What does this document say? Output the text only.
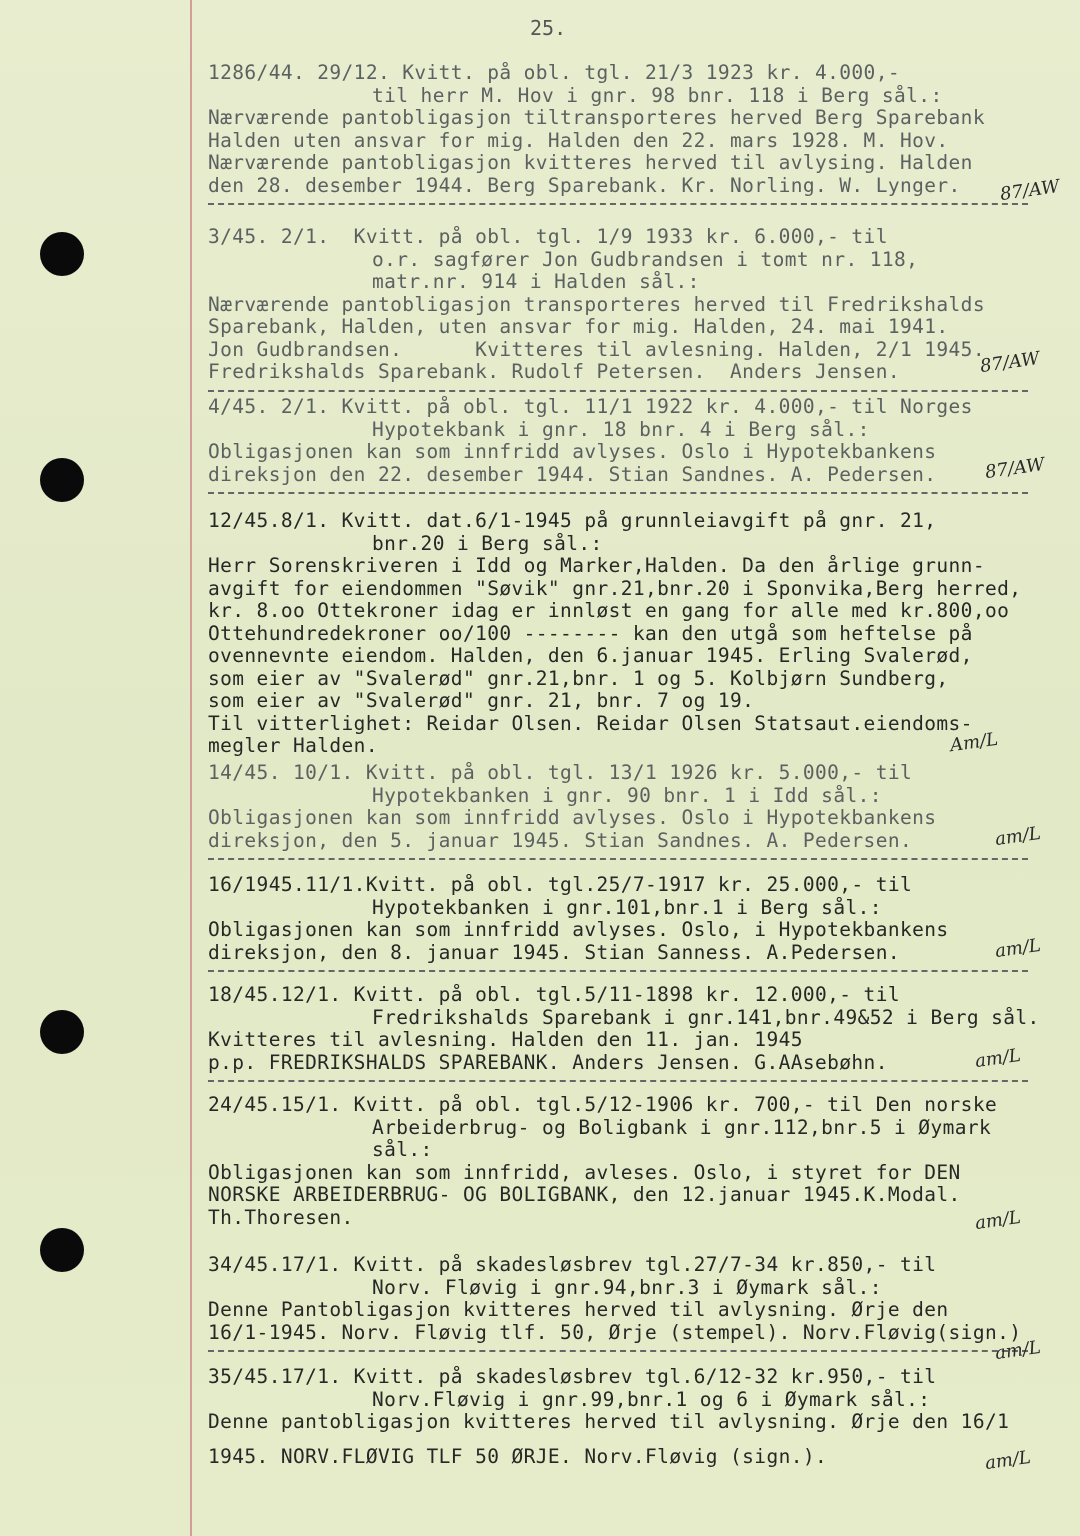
25.
1286/44. 29/12. Kvitt. på obl. tgl. 21/3 1923 kr. 4.000,-
til herr M. Hov i gnr. 98 bnr. 118 i Berg sål.:
Nærværende pantobligasjon tiltransporteres herved Berg Sparebank
Halden uten ansvar for mig. Halden den 22. mars 1928. M. Hov.
Nærværende pantobligasjon kvitteres herved til avlysing. Halden
den 28. desember 1944. Berg Sparebank. Kr. Norling. W. Lynger.	87/AW
3/45. 2/1.  Kvitt. på obl. tgl. 1/9 1933 kr. 6.000,- til
o.r. sagfører Jon Gudbrandsen i tomt nr. 118,
matr.nr. 914 i Halden sål.:
Nærværende pantobligasjon transporteres herved til Fredrikshalds
Sparebank, Halden, uten ansvar for mig. Halden, 24. mai 1941.
Jon Gudbrandsen.      Kvitteres til avlesning. Halden, 2/1 1945.
Fredrikshalds Sparebank. Rudolf Petersen.  Anders Jensen.	87/AW
4/45. 2/1. Kvitt. på obl. tgl. 11/1 1922 kr. 4.000,- til Norges
Hypotekbank i gnr. 18 bnr. 4 i Berg sål.:
Obligasjonen kan som innfridd avlyses. Oslo i Hypotekbankens
direksjon den 22. desember 1944. Stian Sandnes. A. Pedersen.	87/AW
12/45.8/1. Kvitt. dat.6/1-1945 på grunnleiavgift på gnr. 21,
bnr.20 i Berg sål.:
Herr Sorenskriveren i Idd og Marker,Halden. Da den årlige grunn-
avgift for eiendommen "Søvik" gnr.21,bnr.20 i Sponvika,Berg herred,
kr. 8.oo Ottekroner idag er innløst en gang for alle med kr.800,oo
Ottehundredekroner oo/100 -------- kan den utgå som heftelse på
ovennevnte eiendom. Halden, den 6.januar 1945. Erling Svalerød,
som eier av "Svalerød" gnr.21,bnr. 1 og 5. Kolbjørn Sundberg,
som eier av "Svalerød" gnr. 21, bnr. 7 og 19.
Til vitterlighet: Reidar Olsen. Reidar Olsen Statsaut.eiendoms-
megler Halden.	Am/L
14/45. 10/1. Kvitt. på obl. tgl. 13/1 1926 kr. 5.000,- til
Hypotekbanken i gnr. 90 bnr. 1 i Idd sål.:
Obligasjonen kan som innfridd avlyses. Oslo i Hypotekbankens
direksjon, den 5. januar 1945. Stian Sandnes. A. Pedersen.	am/L
16/1945.11/1.Kvitt. på obl. tgl.25/7-1917 kr. 25.000,- til
Hypotekbanken i gnr.101,bnr.1 i Berg sål.:
Obligasjonen kan som innfridd avlyses. Oslo, i Hypotekbankens
direksjon, den 8. januar 1945. Stian Sanness. A.Pedersen.	am/L
18/45.12/1. Kvitt. på obl. tgl.5/11-1898 kr. 12.000,- til
Fredrikshalds Sparebank i gnr.141,bnr.49&52 i Berg sål.
Kvitteres til avlesning. Halden den 11. jan. 1945
p.p. FREDRIKSHALDS SPAREBANK. Anders Jensen. G.AAsebøhn.	am/L
24/45.15/1. Kvitt. på obl. tgl.5/12-1906 kr. 700,- til Den norske
Arbeiderbrug- og Boligbank i gnr.112,bnr.5 i Øymark
sål.:
Obligasjonen kan som innfridd, avleses. Oslo, i styret for DEN
NORSKE ARBEIDERBRUG- OG BOLIGBANK, den 12.januar 1945.K.Modal.
Th.Thoresen.	am/L
34/45.17/1. Kvitt. på skadesløsbrev tgl.27/7-34 kr.850,- til
Norv. Fløvig i gnr.94,bnr.3 i Øymark sål.:
Denne Pantobligasjon kvitteres herved til avlysning. Ørje den
16/1-1945. Norv. Fløvig tlf. 50, Ørje (stempel). Norv.Fløvig(sign.)
am/L
35/45.17/1. Kvitt. på skadesløsbrev tgl.6/12-32 kr.950,- til
Norv.Fløvig i gnr.99,bnr.1 og 6 i Øymark sål.:
Denne pantobligasjon kvitteres herved til avlysning. Ørje den 16/1
1945. NORV.FLØVIG TLF 50 ØRJE. Norv.Fløvig (sign.).	am/L
